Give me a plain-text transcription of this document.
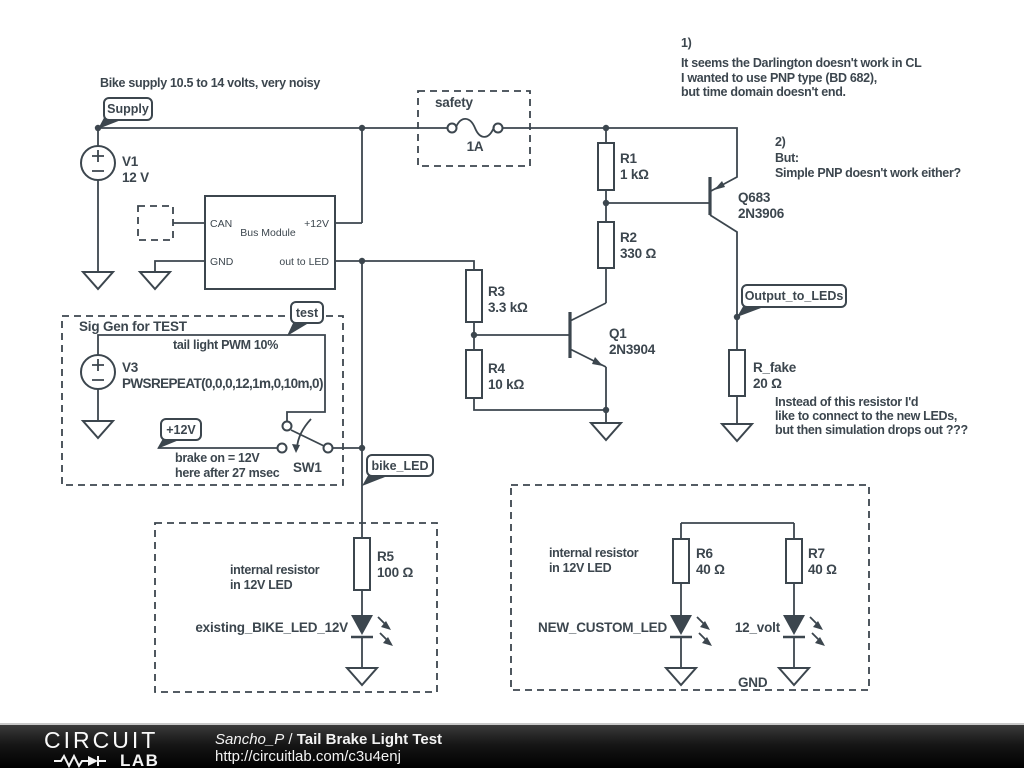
CAN
GND
+12V
out to LED
Bus Module
Supply
test
+12V
bike_LED
Output_to_LEDs
V1
12 V
V3
PWSREPEAT(0,0,0,12,1m,0,10m,0)
R1
1 kΩ
R2
330 Ω
R3
3.3 kΩ
R4
10 kΩ
R5
100 Ω
R6
40 Ω
R7
40 Ω
R_fake
20 Ω
Q1
2N3904
Q683
2N3906
SW1
existing_BIKE_LED_12V	NEW_CUSTOM_LED	12_volt
Bike supply 10.5 to 14 volts, very noisy
safety
1A
Sig Gen for TEST
tail light PWM 10%
brake on = 12V
here after 27 msec
1)
It seems the Darlington doesn't work in CL
I wanted to use PNP type (BD 682),
but time domain doesn't end.
2)
But:
Simple PNP doesn't work either?
Instead of this resistor I'd
like to connect to the new LEDs,
but then simulation drops out ???
internal resistor
in 12V LED
internal resistor
in 12V LED
GND
CIRCUIT
LAB
Sancho_P / Tail Brake Light Test
http://circuitlab.com/c3u4enj
